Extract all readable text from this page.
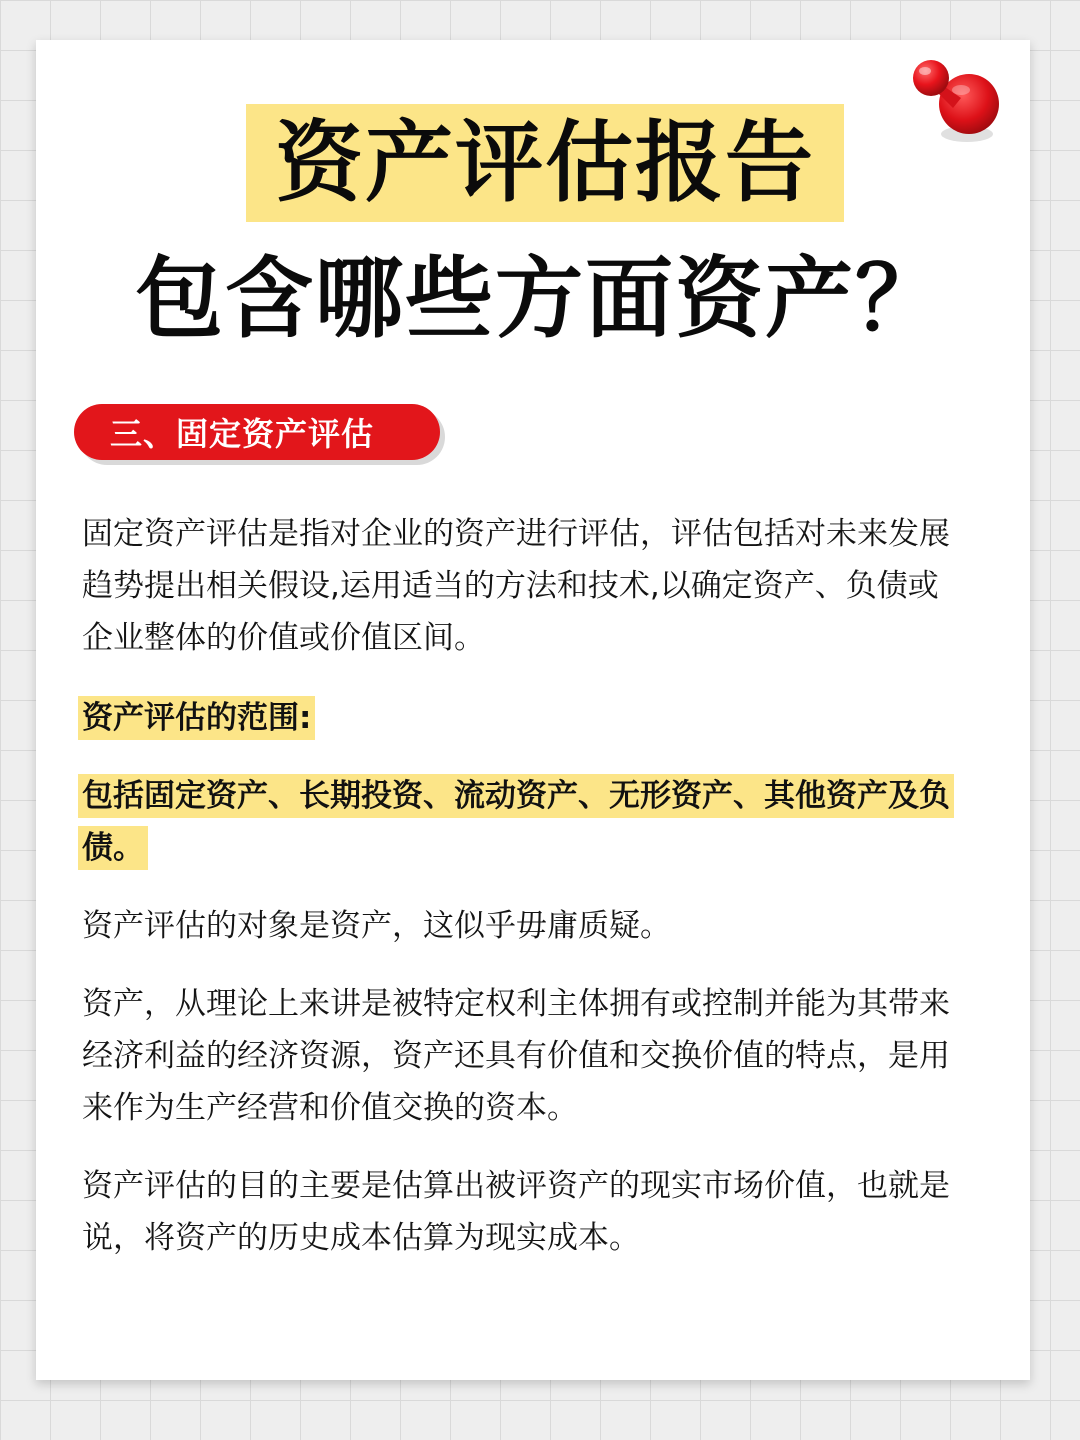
资产评估报告
包含哪些方面资产？
三、固定资产评估

固定资产评估是指对企业的资产进行评估，评估包括对未来发展趋势提出相关假设,运用适当的方法和技术,以确定资产、负债或企业整体的价值或价值区间。

资产评估的范围:
包括固定资产、长期投资、流动资产、无形资产、其他资产及负债。

资产评估的对象是资产，这似乎毋庸质疑。

资产，从理论上来讲是被特定权利主体拥有或控制并能为其带来经济利益的经济资源，资产还具有价值和交换价值的特点，是用来作为生产经营和价值交换的资本。

资产评估的目的主要是估算出被评资产的现实市场价值，也就是说，将资产的历史成本估算为现实成本。
